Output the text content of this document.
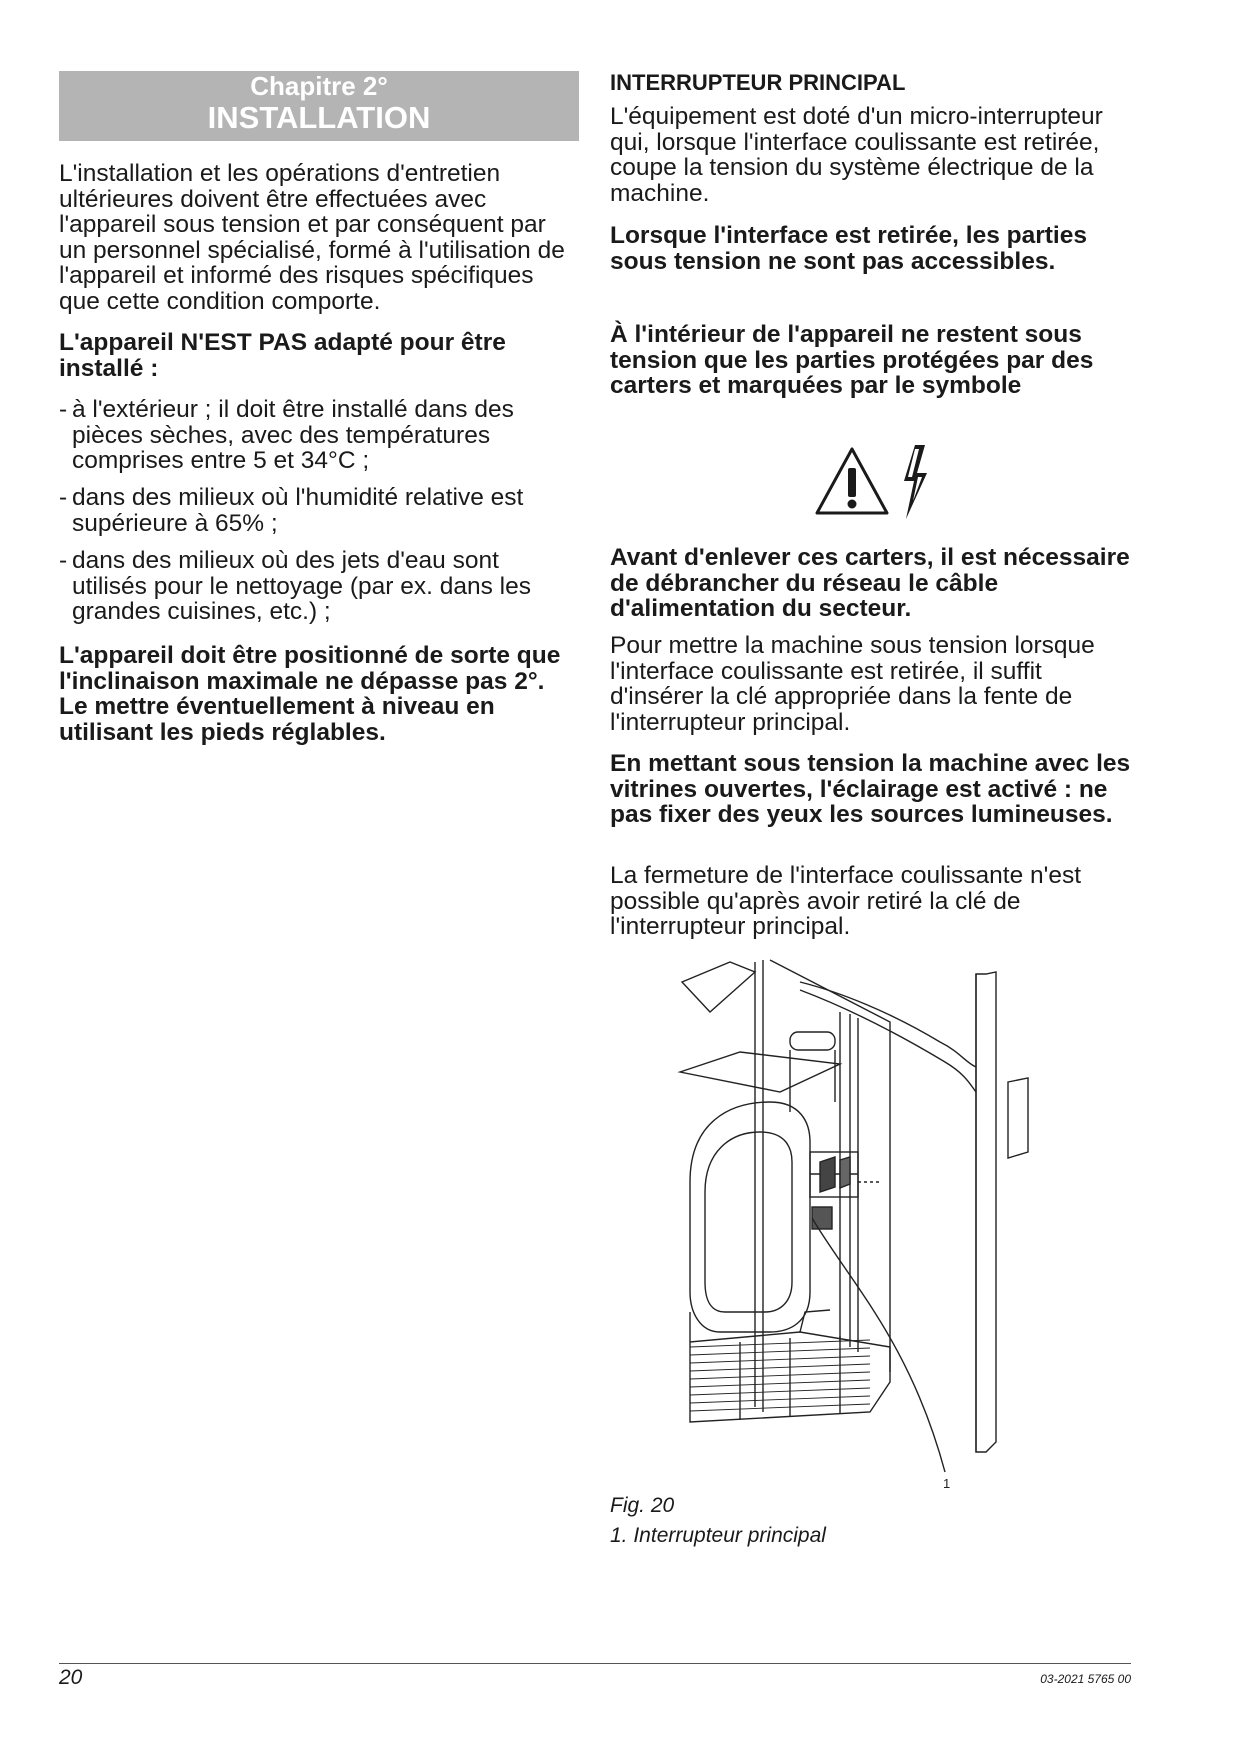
Chapitre 2°
INSTALLATION

L'installation et les opérations d'entretien ultérieures doivent être effectuées avec l'appareil sous tension et par conséquent par un personnel spécialisé, formé à l'utilisation de l'appareil et informé des risques spécifiques que cette condition comporte.

L'appareil N'EST PAS adapté pour être installé :

- à l'extérieur ; il doit être installé dans des pièces sèches, avec des températures comprises entre 5 et 34°C ;
- dans des milieux où l'humidité relative est supérieure à 65% ;
- dans des milieux où des jets d'eau sont utilisés pour le nettoyage (par ex. dans les grandes cuisines, etc.) ;

L'appareil doit être positionné de sorte que l'inclinaison maximale ne dépasse pas 2°. Le mettre éventuellement à niveau en utilisant les pieds réglables.

INTERRUPTEUR PRINCIPAL

L'équipement est doté d'un micro-interrupteur qui, lorsque l'interface coulissante est retirée, coupe la tension du système électrique de la machine.

Lorsque l'interface est retirée, les parties sous tension ne sont pas accessibles.

À l'intérieur de l'appareil ne restent sous tension que les parties protégées par des carters et marquées par le symbole

Avant d'enlever ces carters, il est nécessaire de débrancher du réseau le câble d'alimentation du secteur.

Pour mettre la machine sous tension lorsque l'interface coulissante est retirée, il suffit d'insérer la clé appropriée dans la fente de l'interrupteur principal.

En mettant sous tension la machine avec les vitrines ouvertes, l'éclairage est activé : ne pas fixer des yeux les sources lumineuses.

La fermeture de l'interface coulissante n'est possible qu'après avoir retiré la clé de l'interrupteur principal.

1

Fig. 20

1. Interrupteur principal

20	03-2021 5765 00
